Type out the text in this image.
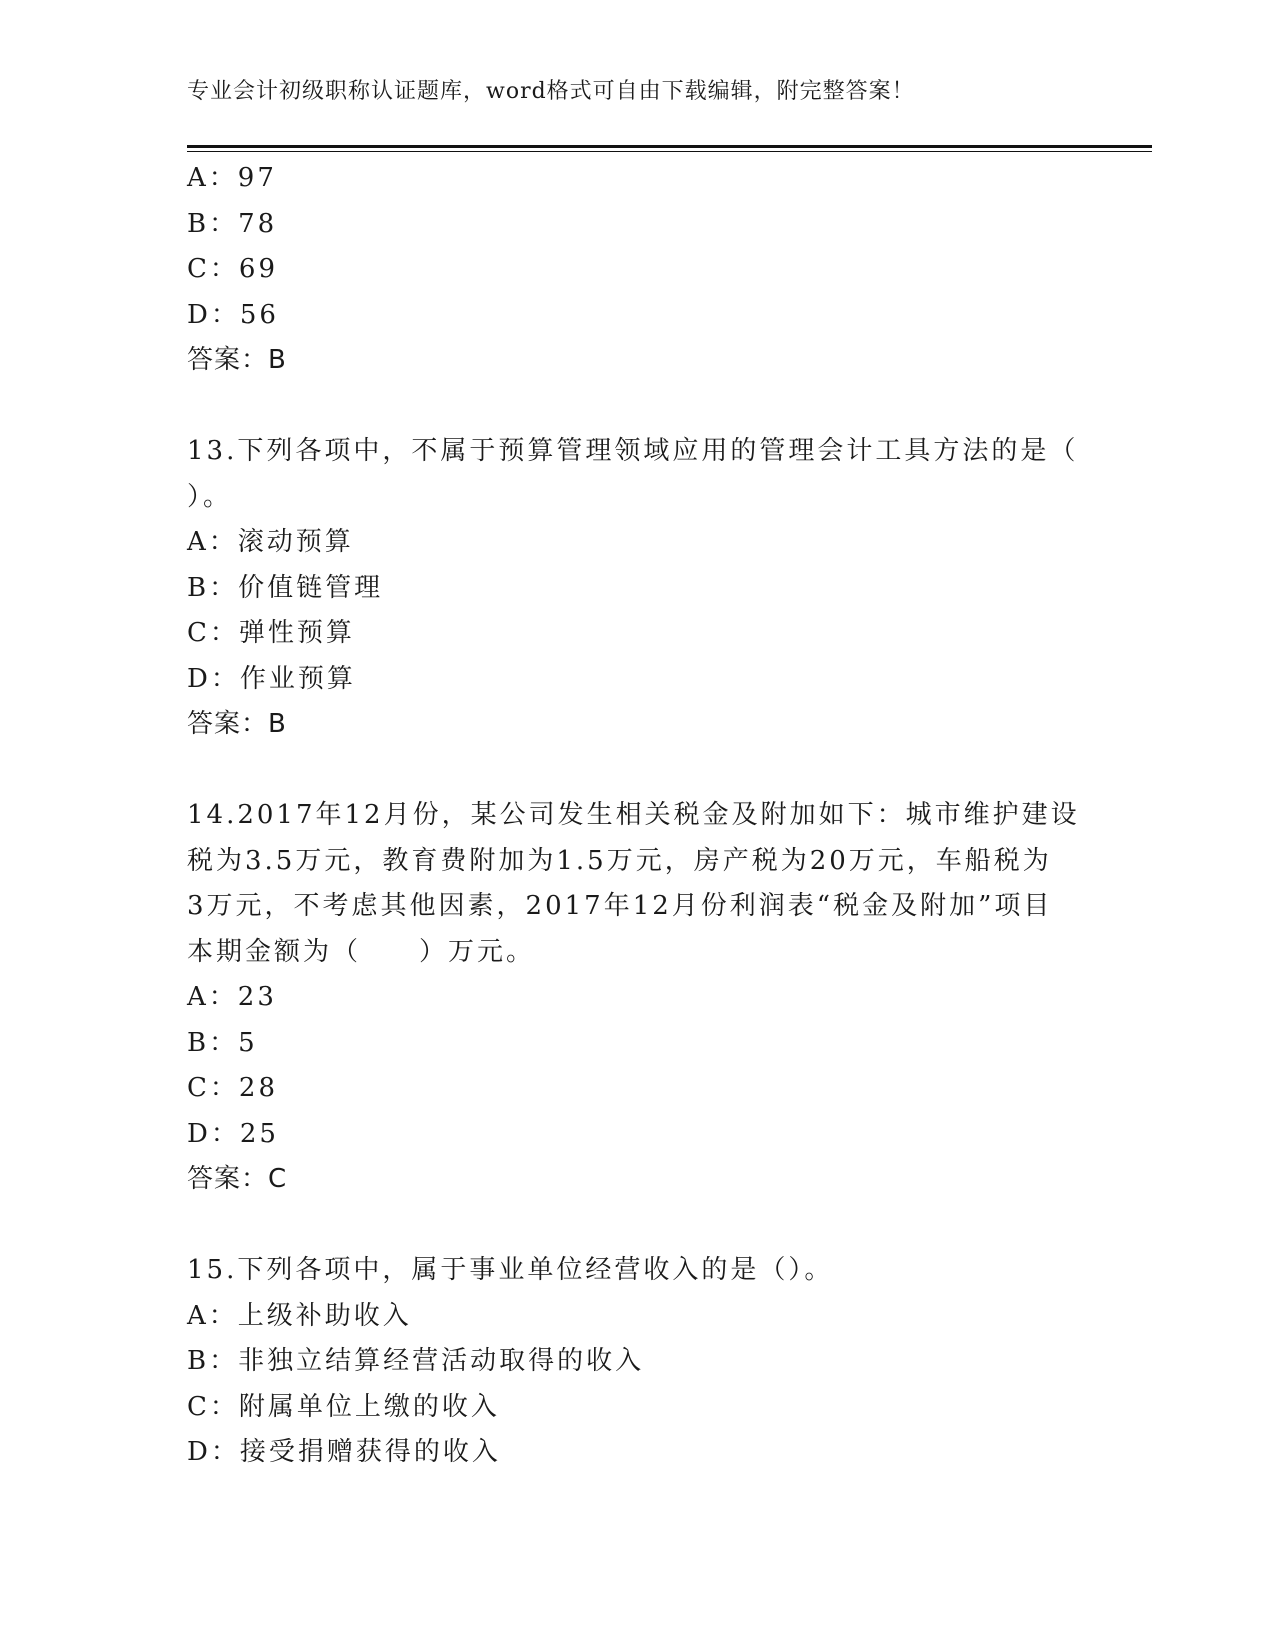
专业会计初级职称认证题库，word格式可自由下载编辑，附完整答案！
A：97
B：78
C：69
D：56
答案：B
13.下列各项中，不属于预算管理领域应用的管理会计工具方法的是（
）。
A：滚动预算
B：价值链管理
C：弹性预算
D：作业预算
答案：B
14.2017年12月份，某公司发生相关税金及附加如下：城市维护建设
税为3.5万元，教育费附加为1.5万元，房产税为20万元，车船税为
3万元，不考虑其他因素，2017年12月份利润表“税金及附加”项目
本期金额为（　　）万元。
A：23
B：5
C：28
D：25
答案：C
15.下列各项中，属于事业单位经营收入的是（）。
A：上级补助收入
B：非独立结算经营活动取得的收入
C：附属单位上缴的收入
D：接受捐赠获得的收入
